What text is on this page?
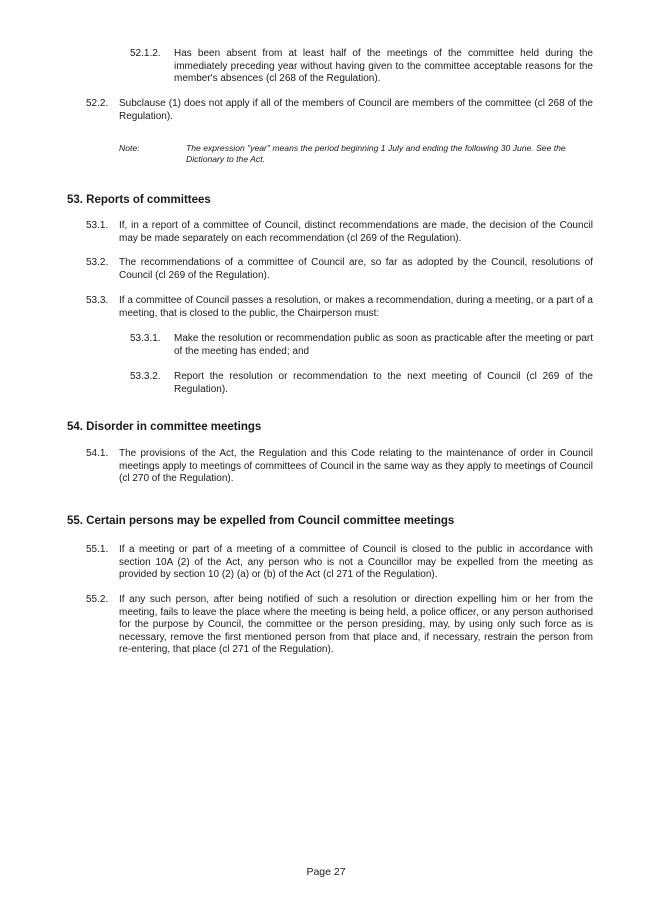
52.1.2.	Has been absent from at least half of the meetings of the committee held during the immediately preceding year without having given to the committee acceptable reasons for the member's absences (cl 268 of the Regulation).
52.2.	Subclause (1) does not apply if all of the members of Council are members of the committee (cl 268 of the Regulation).
Note:	The expression "year" means the period beginning 1 July and ending the following 30 June. See the Dictionary to the Act.
53. Reports of committees
53.1.	If, in a report of a committee of Council, distinct recommendations are made, the decision of the Council may be made separately on each recommendation (cl 269 of the Regulation).
53.2.	The recommendations of a committee of Council are, so far as adopted by the Council, resolutions of Council (cl 269 of the Regulation).
53.3.	If a committee of Council passes a resolution, or makes a recommendation, during a meeting, or a part of a meeting, that is closed to the public, the Chairperson must:
53.3.1.	Make the resolution or recommendation public as soon as practicable after the meeting or part of the meeting has ended; and
53.3.2.	Report the resolution or recommendation to the next meeting of Council (cl 269 of the Regulation).
54. Disorder in committee meetings
54.1.	The provisions of the Act, the Regulation and this Code relating to the maintenance of order in Council meetings apply to meetings of committees of Council in the same way as they apply to meetings of Council (cl 270 of the Regulation).
55. Certain persons may be expelled from Council committee meetings
55.1.	If a meeting or part of a meeting of a committee of Council is closed to the public in accordance with section 10A (2) of the Act, any person who is not a Councillor may be expelled from the meeting as provided by section 10 (2) (a) or (b) of the Act (cl 271 of the Regulation).
55.2.	If any such person, after being notified of such a resolution or direction expelling him or her from the meeting, fails to leave the place where the meeting is being held, a police officer, or any person authorised for the purpose by Council, the committee or the person presiding, may, by using only such force as is necessary, remove the first mentioned person from that place and, if necessary, restrain the person from re-entering, that place (cl 271 of the Regulation).
Page 27
